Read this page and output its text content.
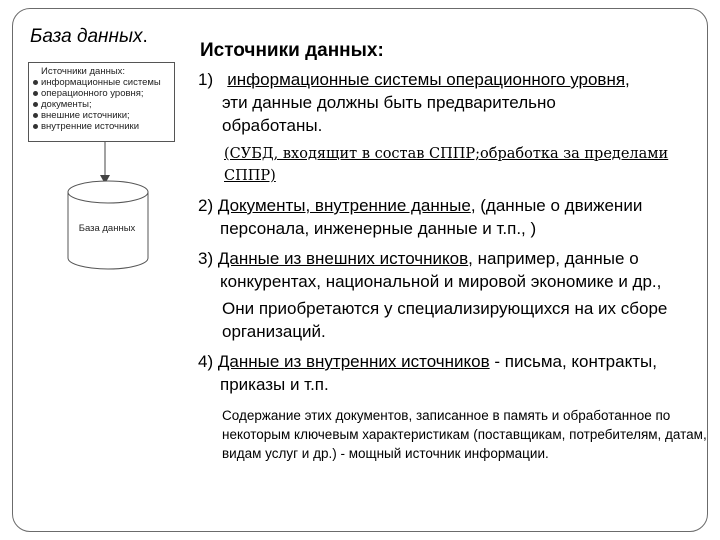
База данных.
Источники данных:
информационные системы
операционного уровня;
документы;
внешние источники;
внутренние источники
База данных
Источники данных:
1) информационные системы операционного уровня,
эти данные должны быть предварительно
обработаны.
(СУБД, входящит в состав СППР;обработка за пределами СППР)
2) Документы, внутренние данные, (данные о движении персонала, инженерные данные и т.п., )
3) Данные из внешних источников, например, данные о конкурентах, национальной и мировой экономике и др.,
Они приобретаются у специализирующихся на их сборе организаций.
4) Данные из внутренних источников - письма, контракты, приказы и т.п.
Содержание этих документов, записанное в память и обработанное по некоторым ключевым характеристикам (поставщикам, потребителям, датам, видам услуг и др.) - мощный источник информации.
